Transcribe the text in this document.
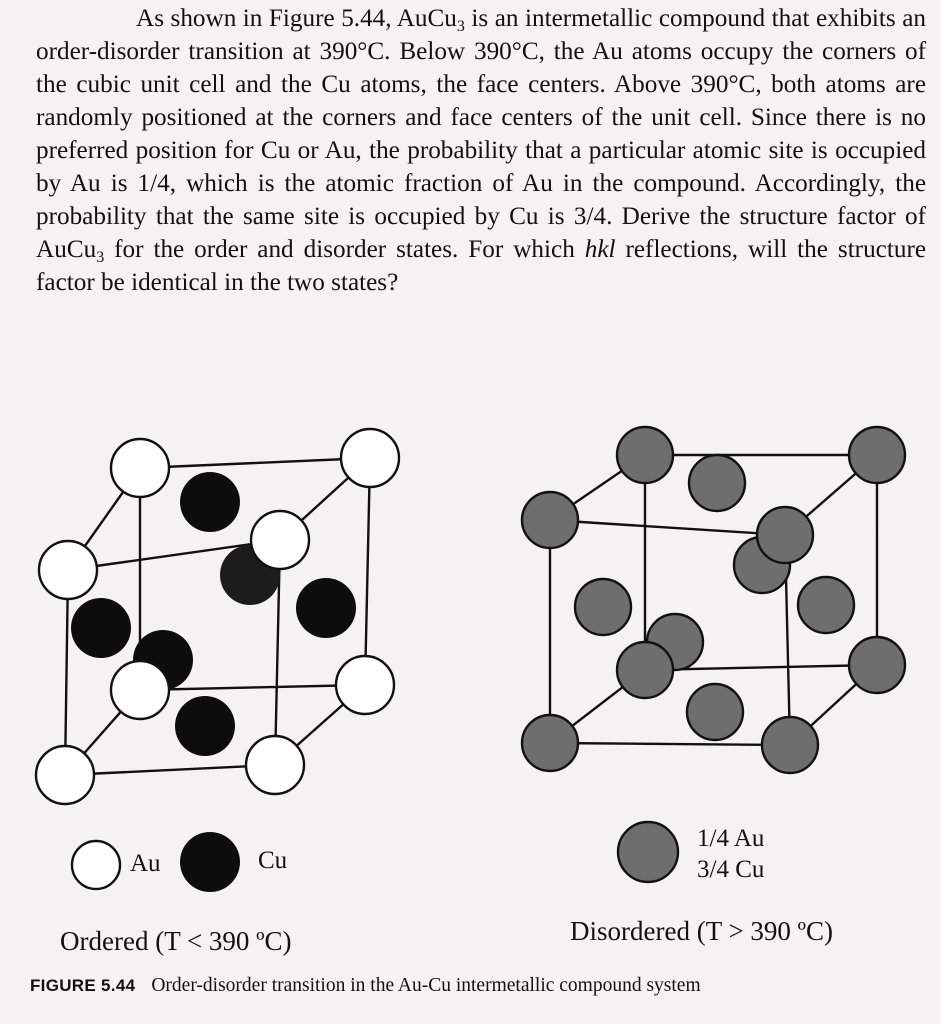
As shown in Figure 5.44, AuCu$_3$ is an intermetallic compound that exhibits an order-disorder transition at 390°C. Below 390°C, the Au atoms occupy the corners of the cubic unit cell and the Cu atoms, the face centers. Above 390°C, both atoms are randomly positioned at the corners and face centers of the unit cell. Since there is no preferred position for Cu or Au, the probability that a particular atomic site is occupied by Au is 1/4, which is the atomic fraction of Au in the compound. Accordingly, the probability that the same site is occupied by Cu is 3/4. Derive the structure factor of AuCu$_3$ for the order and disorder states. For which hkl reflections, will the structure factor be identical in the two states?

Au	Cu
1/4 Au
3/4 Cu
Ordered (T < 390 ºC)	Disordered (T > 390 ºC)
FIGURE 5.44 Order-disorder transition in the Au-Cu intermetallic compound system
